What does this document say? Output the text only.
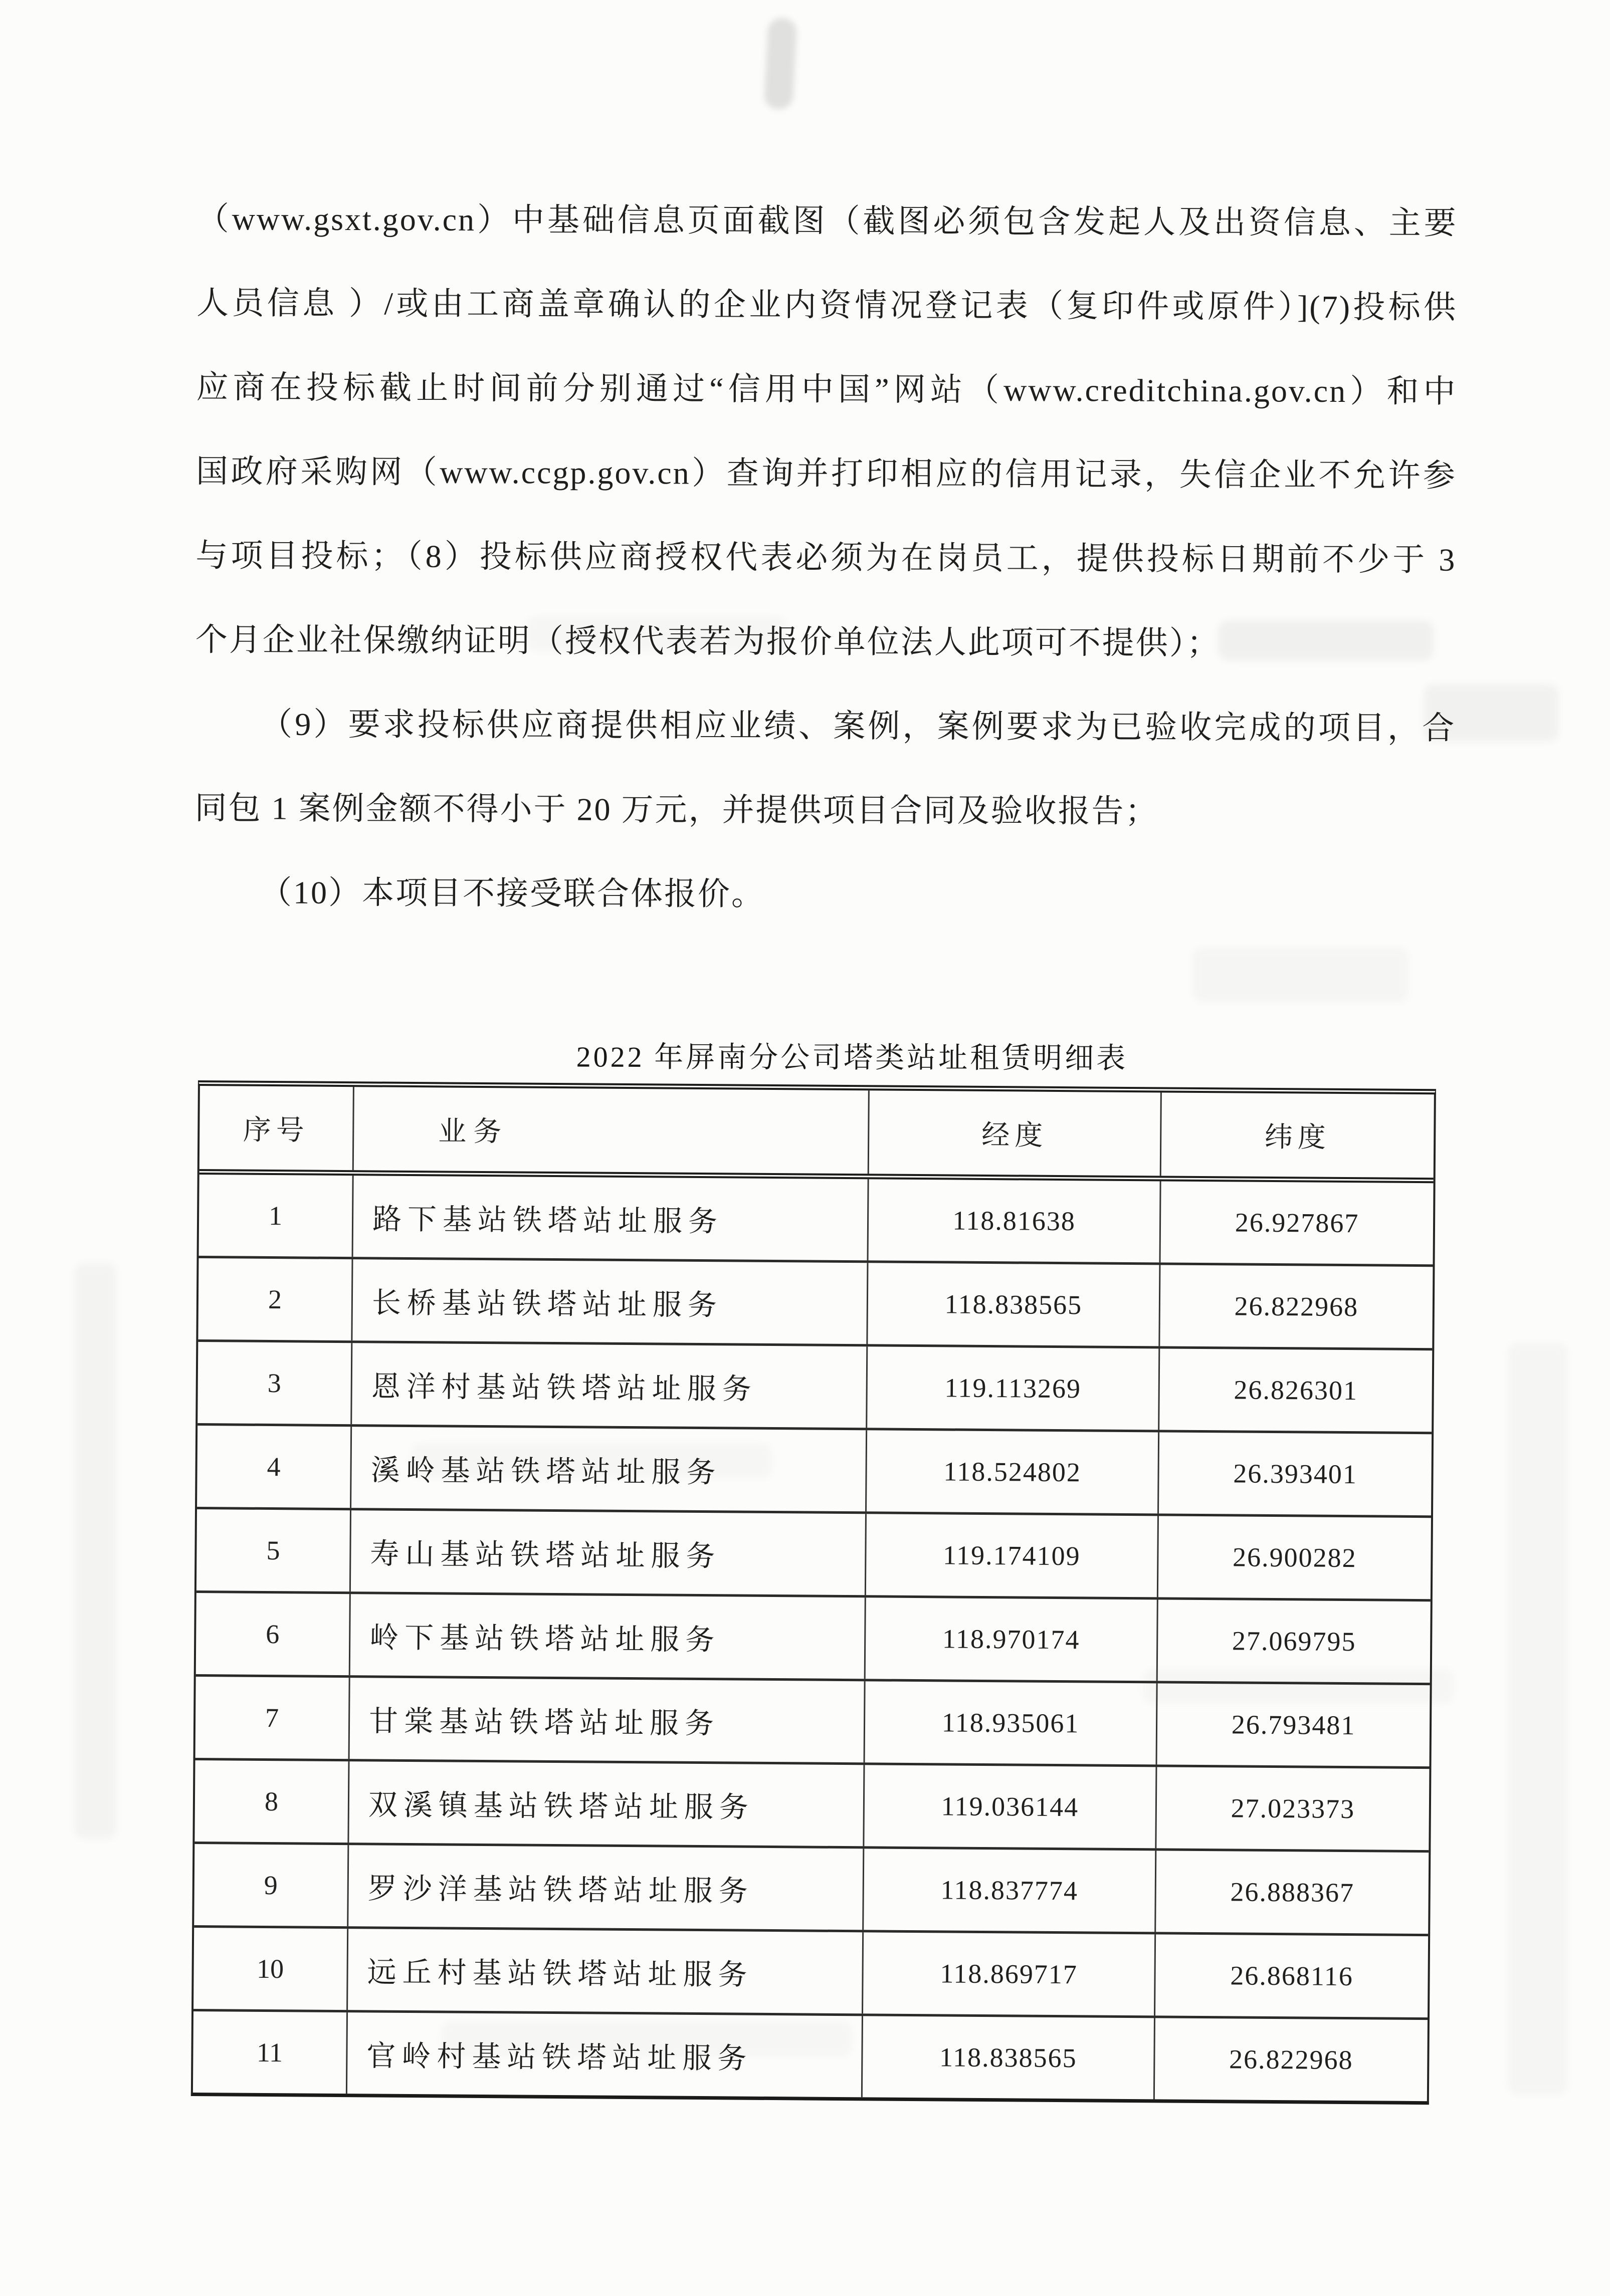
（www.gsxt.gov.cn）中基础信息页面截图（截图必须包含发起人及出资信息、主要
人员信息 ）/或由工商盖章确认的企业内资情况登记表（复印件或原件）](7)投标供
应商在投标截止时间前分别通过“信用中国”网站（www.creditchina.gov.cn）和中
国政府采购网（www.ccgp.gov.cn）查询并打印相应的信用记录，失信企业不允许参
与项目投标；（8）投标供应商授权代表必须为在岗员工，提供投标日期前不少于 3
个月企业社保缴纳证明（授权代表若为报价单位法人此项可不提供）；
（9）要求投标供应商提供相应业绩、案例，案例要求为已验收完成的项目，合
同包 1 案例金额不得小于 20 万元，并提供项目合同及验收报告；
（10）本项目不接受联合体报价。
2022 年屏南分公司塔类站址租赁明细表
序号	业务	经度	纬度
1	路下基站铁塔站址服务	118.81638	26.927867
2	长桥基站铁塔站址服务	118.838565	26.822968
3	恩洋村基站铁塔站址服务	119.113269	26.826301
4	溪岭基站铁塔站址服务	118.524802	26.393401
5	寿山基站铁塔站址服务	119.174109	26.900282
6	岭下基站铁塔站址服务	118.970174	27.069795
7	甘棠基站铁塔站址服务	118.935061	26.793481
8	双溪镇基站铁塔站址服务	119.036144	27.023373
9	罗沙洋基站铁塔站址服务	118.837774	26.888367
10	远丘村基站铁塔站址服务	118.869717	26.868116
11	官岭村基站铁塔站址服务	118.838565	26.822968
